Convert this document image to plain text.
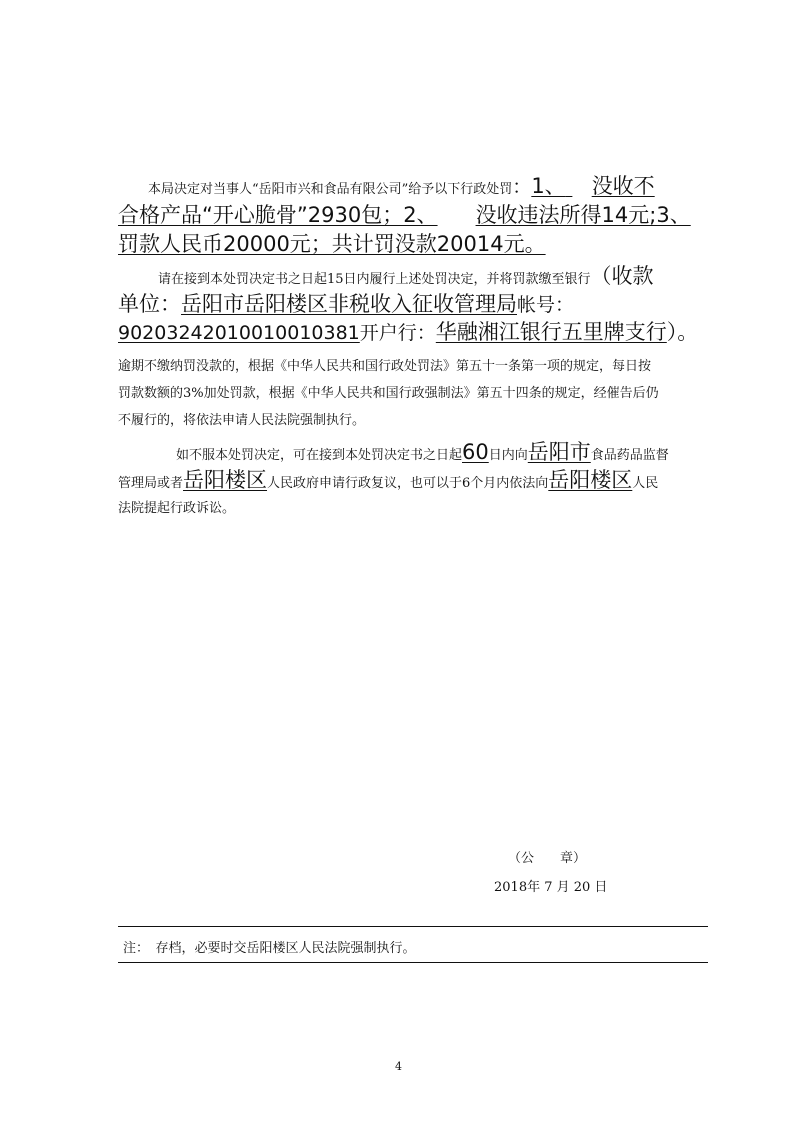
本局决定对当事人“岳阳市兴和食品有限公司”给予以下行政处罚：1、 没收不
合格产品“开心脆骨”2930包；2、 没收违法所得14元;3、
罚款人民币20000元；共计罚没款20014元。
请在接到本处罚决定书之日起15日内履行上述处罚决定，并将罚款缴至银行（收款
单位：岳阳市岳阳楼区非税收入征收管理局帐号：
90203242010010010381开户行：华融湘江银行五里牌支行）。
逾期不缴纳罚没款的，根据《中华人民共和国行政处罚法》第五十一条第一项的规定，每日按
罚款数额的3%加处罚款，根据《中华人民共和国行政强制法》第五十四条的规定，经催告后仍
不履行的，将依法申请人民法院强制执行。
如不服本处罚决定，可在接到本处罚决定书之日起60日内向岳阳市食品药品监督
管理局或者岳阳楼区人民政府申请行政复议，也可以于6个月内依法向岳阳楼区人民
法院提起行政诉讼。
（公　　章）
2018年 7 月 20 日
注：　存档，必要时交岳阳楼区人民法院强制执行。
4
